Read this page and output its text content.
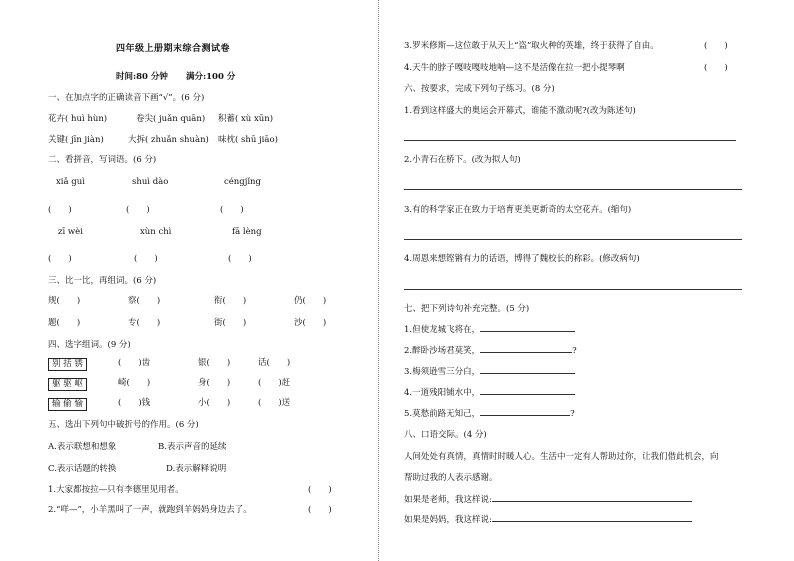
四年级上册期末综合测试卷
时间:80 分钟 满分:100 分
一、在加点字的正确读音下画“√”。(6 分)
花卉( huì hùn)	卷尖( juǎn quān) 积蓄( xù xūn)
关键( jīn jiàn)	大拆( zhuǎn shuàn) 味枕( shū jiāo)
二、看拼音，写词语。(6 分)
xiǎ guì	shuì dào	céngjǐng
(　　)	(　　)	(　　)
zī wèi	xùn chì	fā lèng
(　　)	(　　)	(　　)
三、比一比，再组词。(6 分)
规(　　)	察(　　)	衔(　　)	仍(　　)
题(　　)	专(　　)	街(　　)	沙(　　)
四、选字组词。(9 分)
别 括 锈	(　　)齿	银(　　)	话(　　)
躯 驱 岖	崎(　　)	身(　　)	(　　)赶
输 偷 愉	(　　)钱	小(　　)	(　　)送
五、选出下列句中破折号的作用。(6 分)
A.表示联想和想象	B.表示声音的延续
C.表示话题的转换	D.表示解释说明
1.大家都按拉—只有李德里见用者。	(　　)
2.“咩—”，小羊黑叫了一声，就跑到羊妈妈身边去了。	(　　)
3.罗米修斯—这位敢于从天上“盗”取火种的英雄，终于获得了自由。	(　　)
4.天牛的脖子嘎吱嘎吱地响—这不是活像在拉一把小提琴啊	(　　)
六、按要求，完成下列句子练习。(8 分)
1.看到这样盛大的奥运会开幕式，谁能不激动呢?(改为陈述句)
2.小青石在桥下。(改为拟人句)
3.有的科学家正在致力于培育更美更新奇的太空花卉。(缩句)
4.周恩来想铿锵有力的话语，博得了魏校长的称彩。(修改病句)
七、把下列诗句补充完整。(5 分)
1.但使龙城飞将在，
2.醉卧沙场君莫笑，	?
3.梅须逊雪三分白，
4.一道残阳铺水中，
5.莫愁前路无知己，	?
八、口语交际。(4 分)
人间处处有真情，真情时时暖人心。生活中一定有人帮助过你，让我们借此机会，向
帮助过我的人表示感谢。
如果是老师，我这样说:
如果是妈妈，我这样说:
